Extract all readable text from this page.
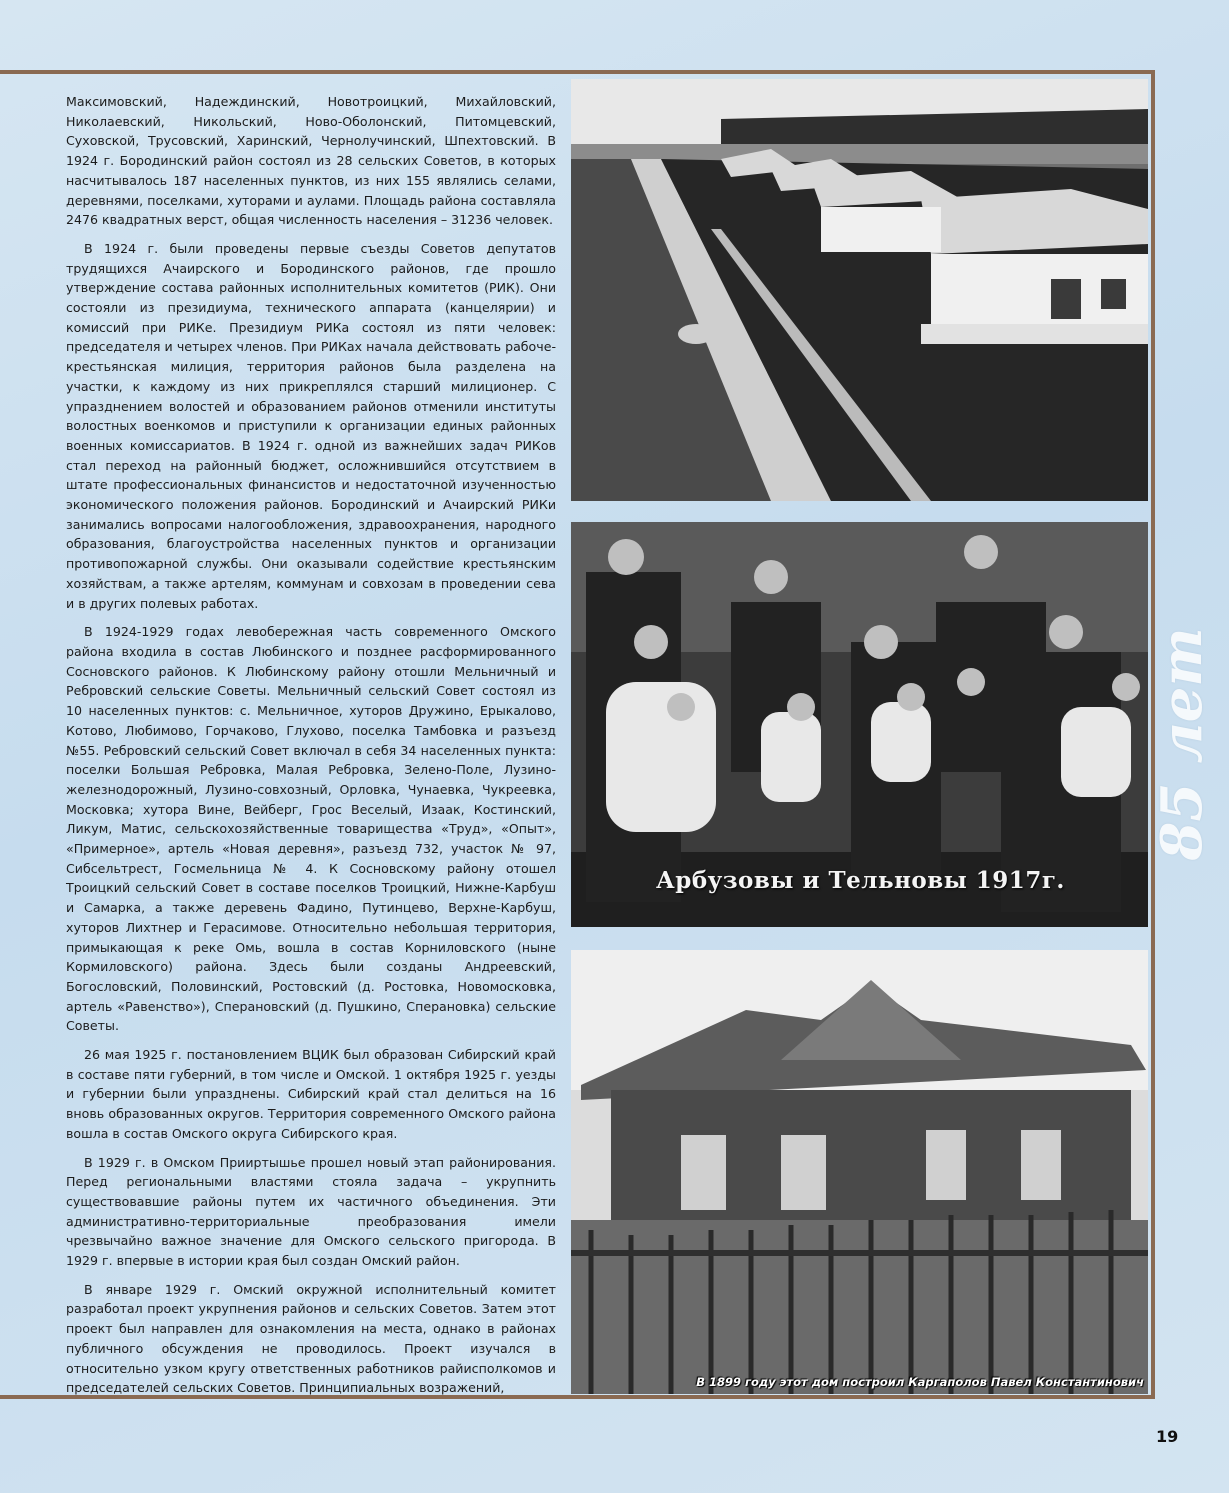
Максимовский, Надеждинский, Новотроицкий, Михайловский, Николаевский, Никольский, Ново-Оболонский, Питомцевский, Суховской, Трусовский, Харинский, Чернолучинский, Шпехтовский. В 1924 г. Бородинский район состоял из 28 сельских Советов, в которых насчитывалось 187 населенных пунктов, из них 155 являлись селами, деревнями, поселками, хуторами и аулами. Площадь района составляла 2476 квадратных верст, общая численность населения – 31236 человек.

В 1924 г. были проведены первые съезды Советов депутатов трудящихся Ачаирского и Бородинского районов, где прошло утверждение состава районных исполнительных комитетов (РИК). Они состояли из президиума, технического аппарата (канцелярии) и комиссий при РИКе. Президиум РИКа состоял из пяти человек: председателя и четырех членов. При РИКах начала действовать рабоче-крестьянская милиция, территория районов была разделена на участки, к каждому из них прикреплялся старший милиционер. С упразднением волостей и образованием районов отменили институты волостных военкомов и приступили к организации единых районных военных комиссариатов. В 1924 г. одной из важнейших задач РИКов стал переход на районный бюджет, осложнившийся отсутствием в штате профессиональных финансистов и недостаточной изученностью экономического положения районов. Бородинский и Ачаирский РИКи занимались вопросами налогообложения, здравоохранения, народного образования, благоустройства населенных пунктов и организации противопожарной службы. Они оказывали содействие крестьянским хозяйствам, а также артелям, коммунам и совхозам в проведении сева и в других полевых работах.

В 1924-1929 годах левобережная часть современного Омского района входила в состав Любинского и позднее расформированного Сосновского районов. К Любинскому району отошли Мельничный и Ребровский сельские Советы. Мельничный сельский Совет состоял из 10 населенных пунктов: с. Мельничное, хуторов Дружино, Ерыкалово, Котово, Любимово, Горчаково, Глухово, поселка Тамбовка и разъезд №55. Ребровский сельский Совет включал в себя 34 населенных пункта: поселки Большая Ребровка, Малая Ребровка, Зелено-Поле, Лузино-железнодорожный, Лузино-совхозный, Орловка, Чунаевка, Чукреевка, Московка; хутора Вине, Вейберг, Грос Веселый, Изаак, Костинский, Ликум, Матис, сельскохозяйственные товарищества «Труд», «Опыт», «Примерное», артель «Новая деревня», разъезд 732, участок № 97, Сибсельтрест, Госмельница № 4. К Сосновскому району отошел Троицкий сельский Совет в составе поселков Троицкий, Нижне-Карбуш и Самарка, а также деревень Фадино, Путинцево, Верхне-Карбуш, хуторов Лихтнер и Герасимове. Относительно небольшая территория, примыкающая к реке Омь, вошла в состав Корниловского (ныне Кормиловского) района. Здесь были созданы Андреевский, Богословский, Половинский, Ростовский (д. Ростовка, Новомосковка, артель «Равенство»), Сперановский (д. Пушкино, Сперановка) сельские Советы.

26 мая 1925 г. постановлением ВЦИК был образован Сибирский край в составе пяти губерний, в том числе и Омской. 1 октября 1925 г. уезды и губернии были упразднены. Сибирский край стал делиться на 16 вновь образованных округов. Территория современного Омского района вошла в состав Омского округа Сибирского края.

В 1929 г. в Омском Прииртышье прошел новый этап районирования. Перед региональными властями стояла задача – укрупнить существовавшие районы путем их частичного объединения. Эти административно-территориальные преобразования имели чрезвычайно важное значение для Омского сельского пригорода. В 1929 г. впервые в истории края был создан Омский район.

В январе 1929 г. Омский окружной исполнительный комитет разработал проект укрупнения районов и сельских Советов. Затем этот проект был направлен для ознакомления на места, однако в районах публичного обсуждения не проводилось. Проект изучался в относительно узком кругу ответственных работников райисполкомов и председателей сельских Советов. Принципиальных возражений,

Арбузовы и Тельновы 1917г.
В 1899 году этот дом построил Каргаполов Павел Константинович
85 лет
19
